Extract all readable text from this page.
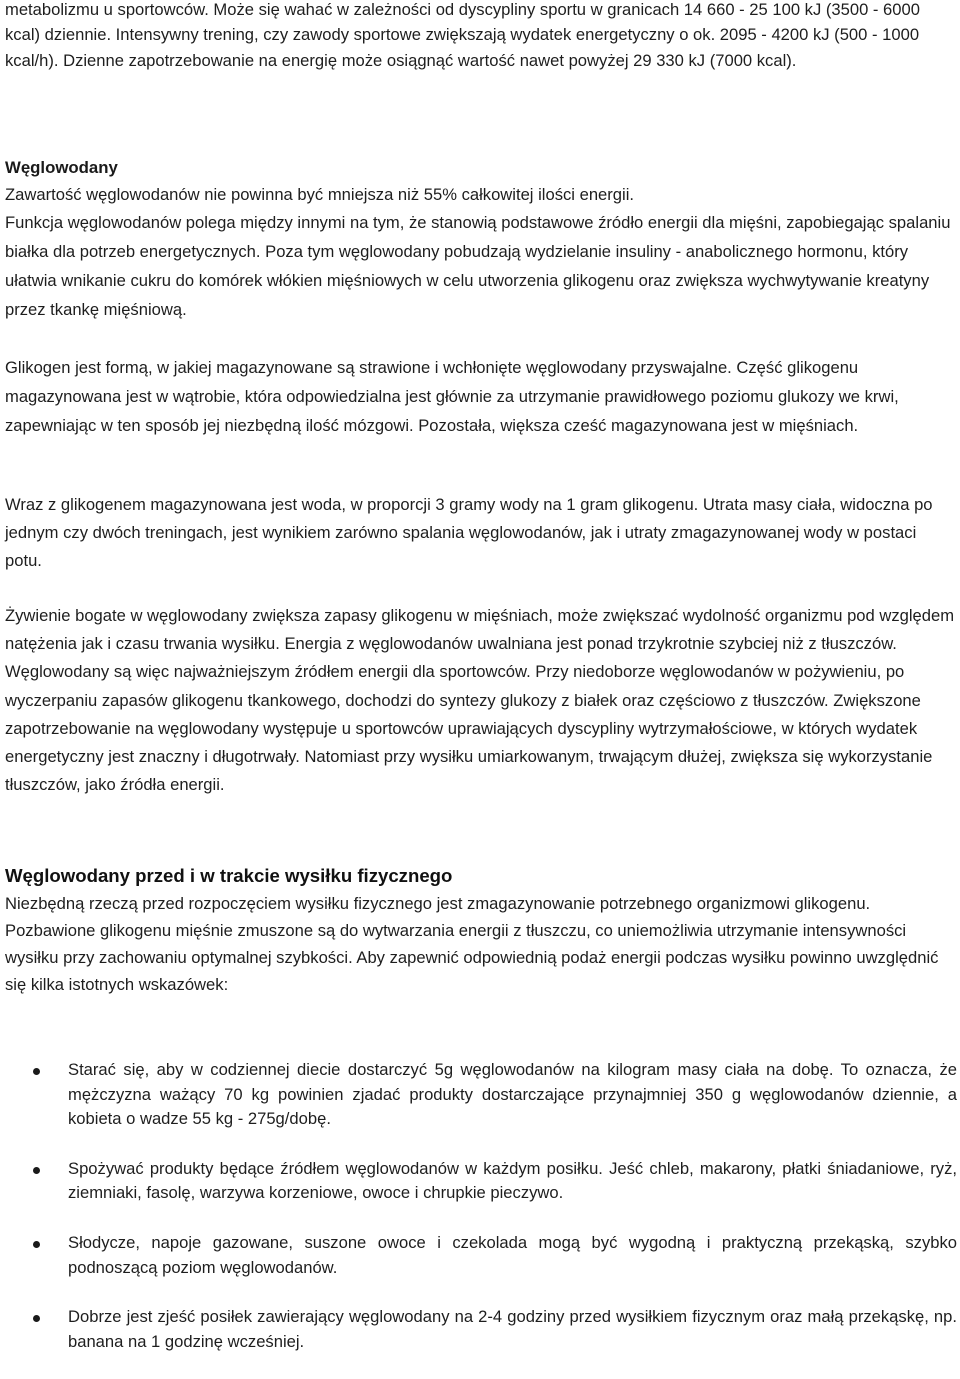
metabolizmu u sportowców. Może się wahać w zależności od dyscypliny sportu w granicach 14 660 - 25 100 kJ (3500 - 6000 kcal) dziennie. Intensywny trening, czy zawody sportowe zwiększają wydatek energetyczny o ok. 2095 - 4200 kJ (500 - 1000 kcal/h). Dzienne zapotrzebowanie na energię może osiągnąć wartość nawet powyżej 29 330 kJ (7000 kcal).

Węglowodany

Zawartość węglowodanów nie powinna być mniejsza niż 55% całkowitej ilości energii.

Funkcja węglowodanów polega między innymi na tym, że stanowią podstawowe źródło energii dla mięśni, zapobiegając spalaniu białka dla potrzeb energetycznych. Poza tym węglowodany pobudzają wydzielanie insuliny - anabolicznego hormonu, który ułatwia wnikanie cukru do komórek włókien mięśniowych w celu utworzenia glikogenu oraz zwiększa wychwytywanie kreatyny przez tkankę mięśniową.

Glikogen jest formą, w jakiej magazynowane są strawione i wchłonięte węglowodany przyswajalne. Część glikogenu magazynowana jest w wątrobie, która odpowiedzialna jest głównie za utrzymanie prawidłowego poziomu glukozy we krwi, zapewniając w ten sposób jej niezbędną ilość mózgowi. Pozostała, większa cześć magazynowana jest w mięśniach.

Wraz z glikogenem magazynowana jest woda, w proporcji 3 gramy wody na 1 gram glikogenu. Utrata masy ciała, widoczna po jednym czy dwóch treningach, jest wynikiem zarówno spalania węglowodanów, jak i utraty zmagazynowanej wody w postaci potu.

Żywienie bogate w węglowodany zwiększa zapasy glikogenu w mięśniach, może zwiększać wydolność organizmu pod względem natężenia jak i czasu trwania wysiłku. Energia z węglowodanów uwalniana jest ponad trzykrotnie szybciej niż z tłuszczów. Węglowodany są więc najważniejszym źródłem energii dla sportowców. Przy niedoborze węglowodanów w pożywieniu, po wyczerpaniu zapasów glikogenu tkankowego, dochodzi do syntezy glukozy z białek oraz częściowo z tłuszczów. Zwiększone zapotrzebowanie na węglowodany występuje u sportowców uprawiających dyscypliny wytrzymałościowe, w których wydatek energetyczny jest znaczny i długotrwały. Natomiast przy wysiłku umiarkowanym, trwającym dłużej, zwiększa się wykorzystanie tłuszczów, jako źródła energii.

Węglowodany przed i w trakcie wysiłku fizycznego

Niezbędną rzeczą przed rozpoczęciem wysiłku fizycznego jest zmagazynowanie potrzebnego organizmowi glikogenu. Pozbawione glikogenu mięśnie zmuszone są do wytwarzania energii z tłuszczu, co uniemożliwia utrzymanie intensywności wysiłku przy zachowaniu optymalnej szybkości. Aby zapewnić odpowiednią podaż energii podczas wysiłku powinno uwzględnić się kilka istotnych wskazówek:

Starać się, aby w codziennej diecie dostarczyć 5g węglowodanów na kilogram masy ciała na dobę. To oznacza, że mężczyzna ważący 70 kg powinien zjadać produkty dostarczające przynajmniej 350 g węglowodanów dziennie, a kobieta o wadze 55 kg - 275g/dobę.
Spożywać produkty będące źródłem węglowodanów w każdym posiłku. Jeść chleb, makarony, płatki śniadaniowe, ryż, ziemniaki, fasolę, warzywa korzeniowe, owoce i chrupkie pieczywo.
Słodycze, napoje gazowane, suszone owoce i czekolada mogą być wygodną i praktyczną przekąską, szybko podnoszącą poziom węglowodanów.
Dobrze jest zjeść posiłek zawierający węglowodany na 2-4 godziny przed wysiłkiem fizycznym oraz małą przekąskę, np. banana na 1 godzinę wcześniej.
